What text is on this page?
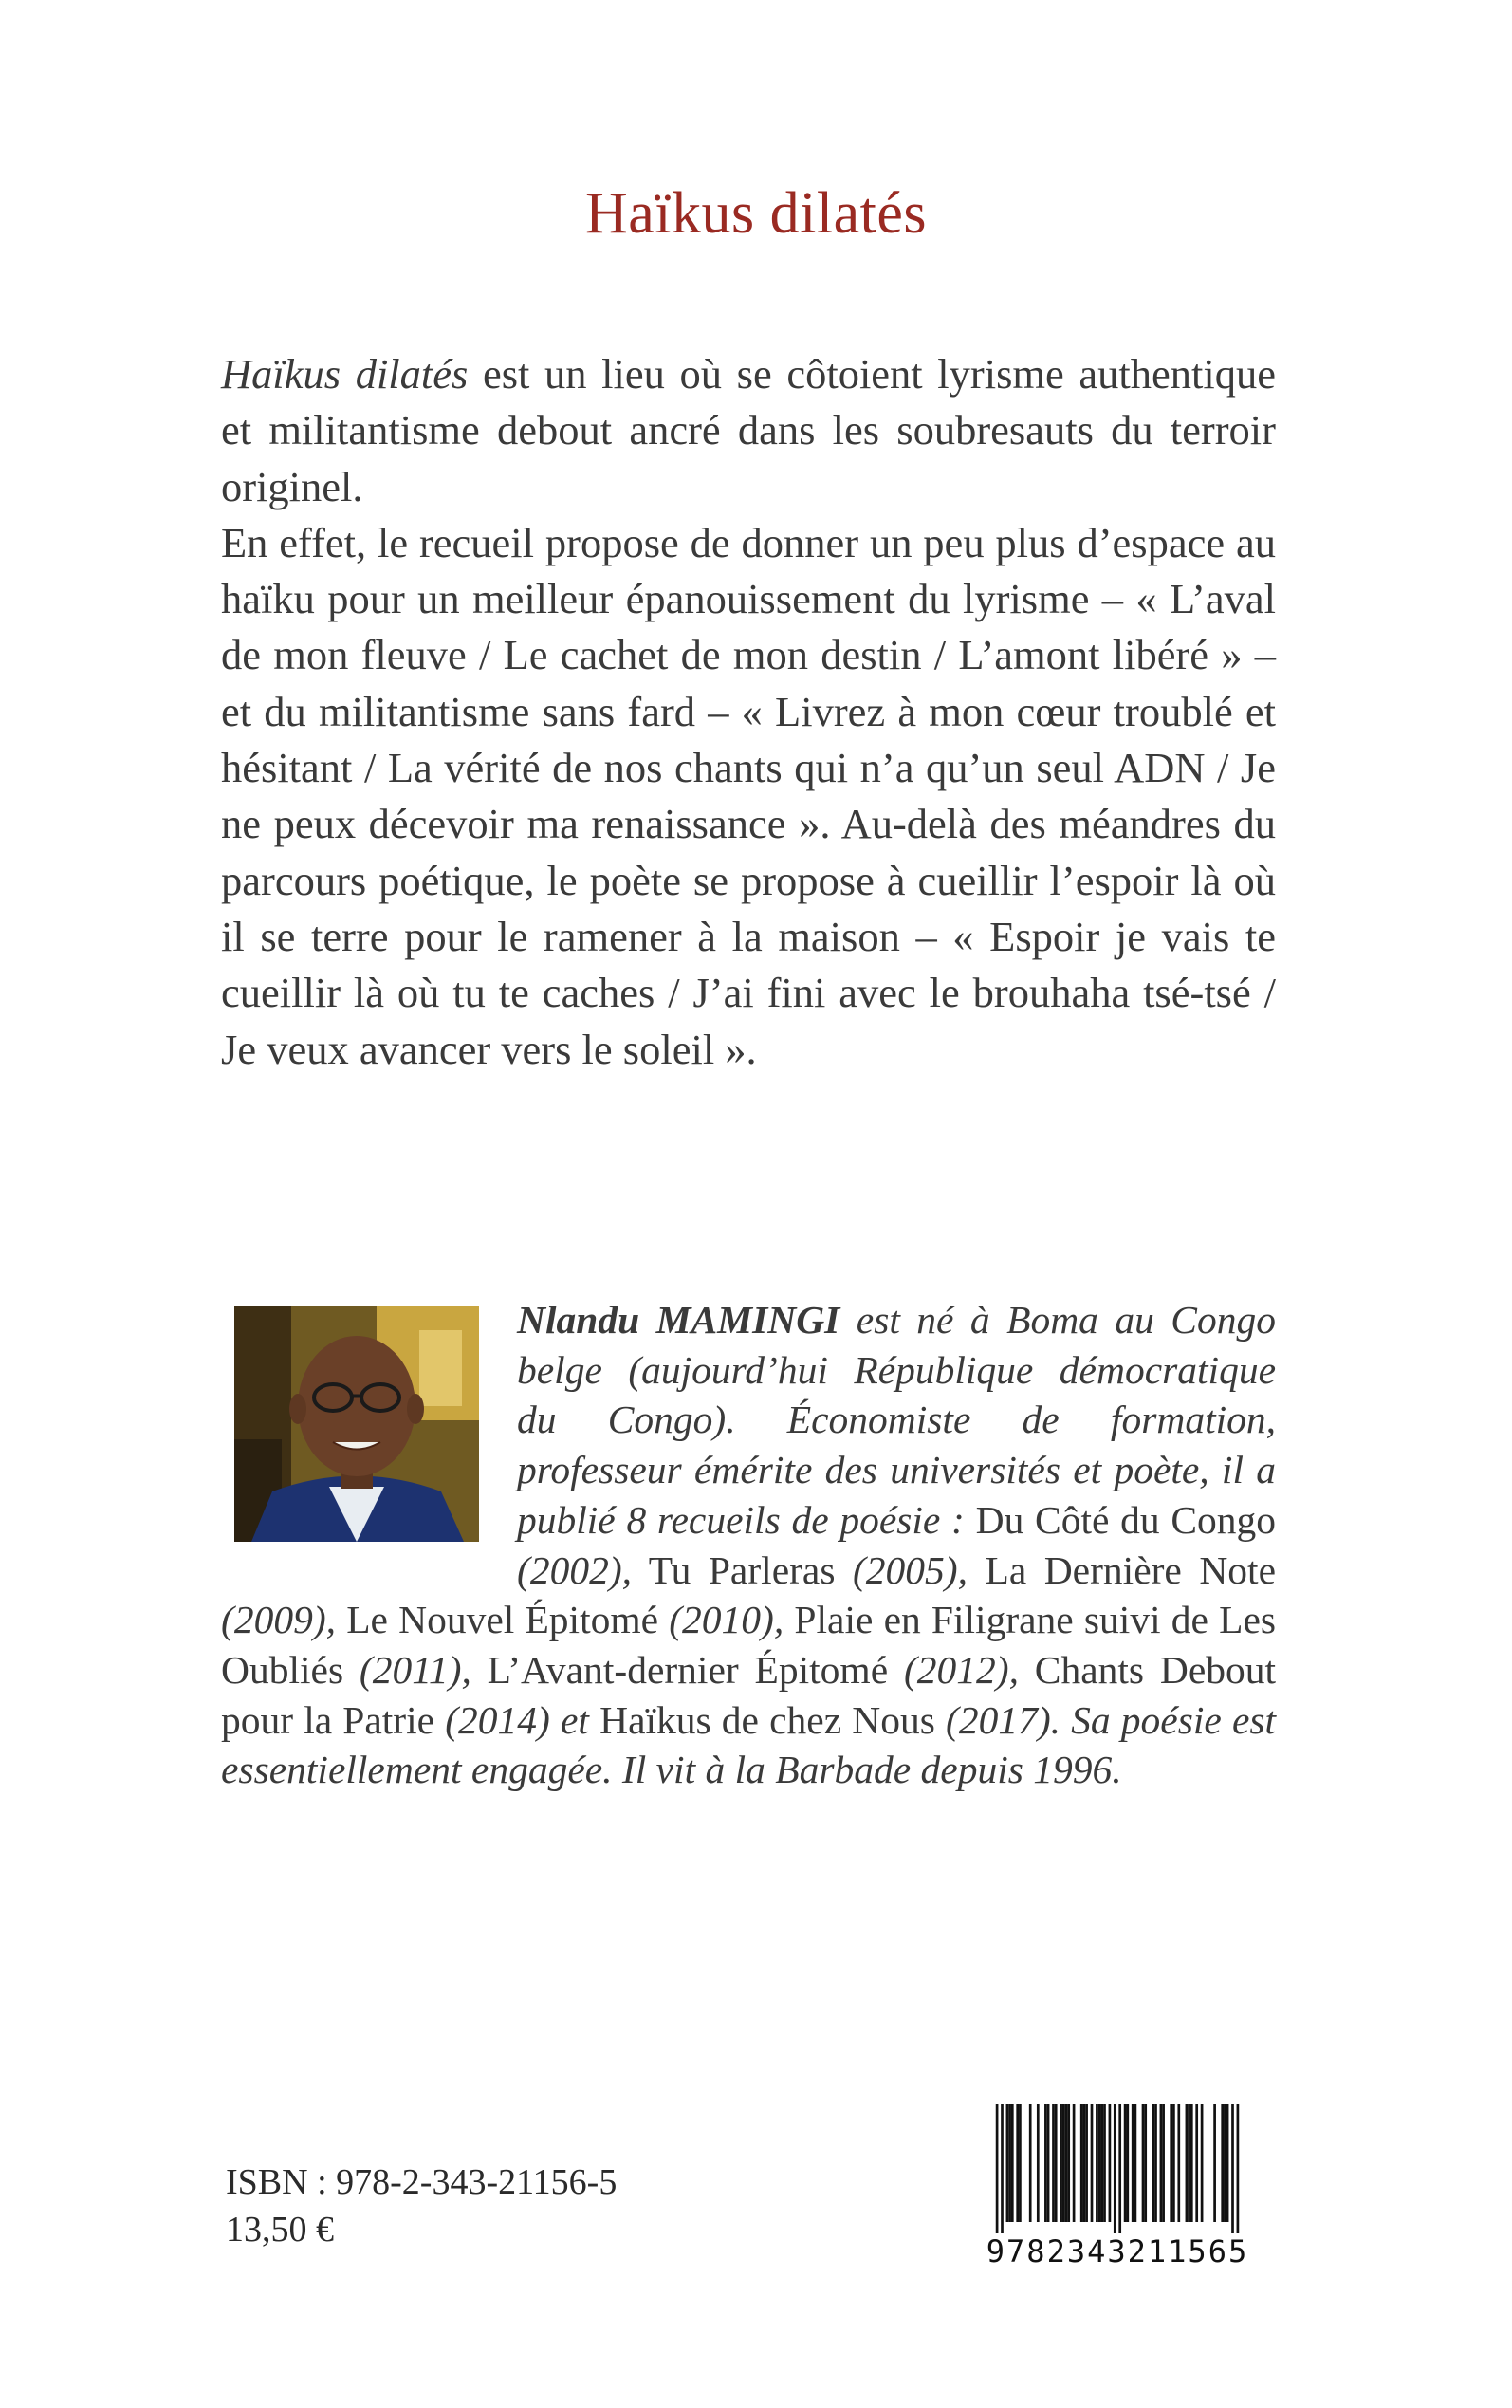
Haïkus dilatés

Haïkus dilatés est un lieu où se côtoient lyrisme authentique et militantisme debout ancré dans les soubresauts du terroir originel.

En effet, le recueil propose de donner un peu plus d’espace au haïku pour un meilleur épanouissement du lyrisme – « L’aval de mon fleuve / Le cachet de mon destin / L’amont libéré » – et du militantisme sans fard – « Livrez à mon cœur troublé et hésitant / La vérité de nos chants qui n’a qu’un seul ADN / Je ne peux décevoir ma renaissance ». Au-delà des méandres du parcours poétique, le poète se propose à cueillir l’espoir là où il se terre pour le ramener à la maison – « Espoir je vais te cueillir là où tu te caches / J’ai fini avec le brouhaha tsé-tsé / Je veux avancer vers le soleil ».

Nlandu MAMINGI est né à Boma au Congo belge (aujourd’hui République démocratique du Congo). Économiste de formation, professeur émérite des universités et poète, il a publié 8 recueils de poésie : Du Côté du Congo (2002), Tu Parleras (2005), La Dernière Note (2009), Le Nouvel Épitomé (2010), Plaie en Filigrane suivi de Les Oubliés (2011), L’Avant-dernier Épitomé (2012), Chants Debout pour la Patrie (2014) et Haïkus de chez Nous (2017). Sa poésie est essentiellement engagée. Il vit à la Barbade depuis 1996.
ISBN : 978-2-343-21156-5
13,50 €
9782343211565
